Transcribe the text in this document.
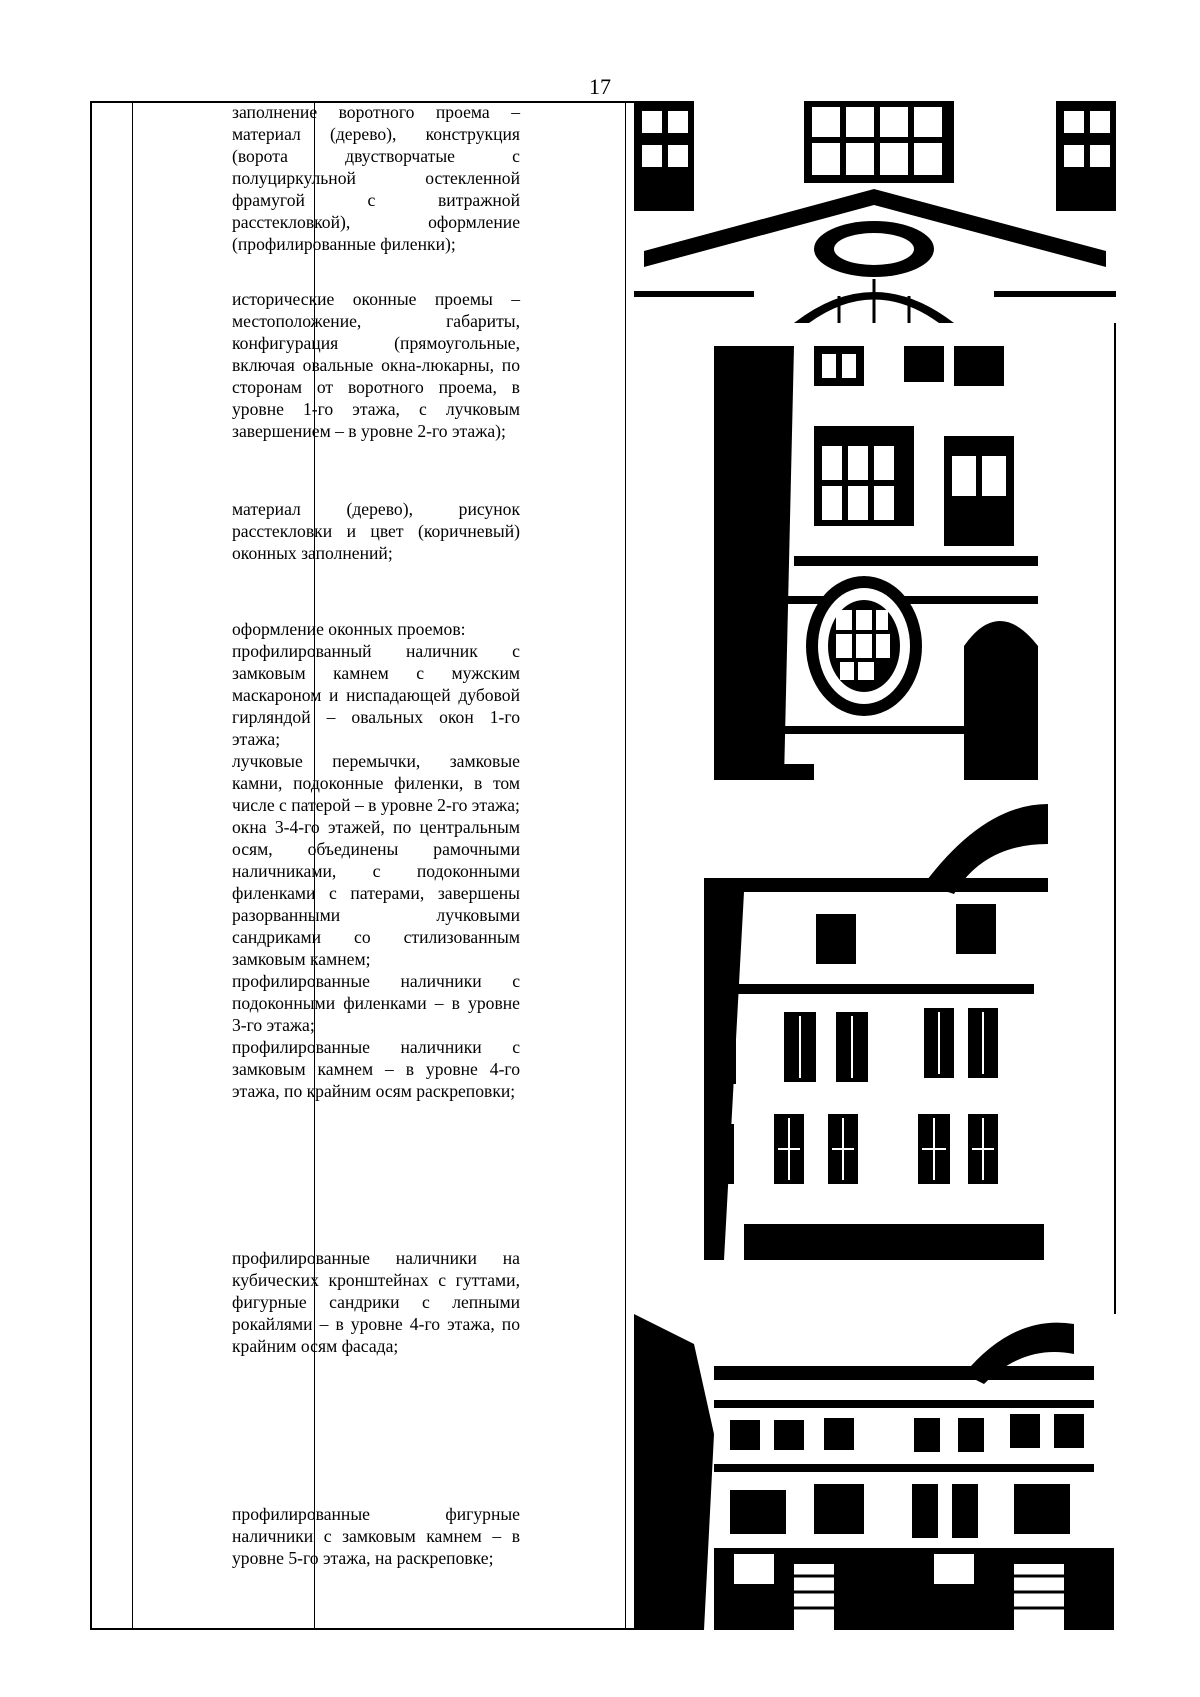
17

заполнение воротного проема – материал (дерево), конструкция (ворота двустворчатые с полуциркульной остекленной фрамугой с витражной расстекловкой), оформление (профилированные филенки);

исторические оконные проемы – местоположение, габариты, конфигурация (прямоугольные, включая овальные окна-люкарны, по сторонам от воротного проема, в уровне 1-го этажа, с лучковым завершением – в уровне 2-го этажа);

материал (дерево), рисунок расстекловки и цвет (коричневый) оконных заполнений;

оформление оконных проемов:

профилированный наличник с замковым камнем с мужским маскароном и ниспадающей дубовой гирляндой – овальных окон 1-го этажа;

лучковые перемычки, замковые камни, подоконные филенки, в том числе с патерой – в уровне 2-го этажа;

окна 3-4-го этажей, по центральным осям, объединены рамочными наличниками, с подоконными филенками с патерами, завершены разорванными лучковыми сандриками со стилизованным замковым камнем;

профилированные наличники с подоконными филенками – в уровне 3-го этажа;

профилированные наличники с замковым камнем – в уровне 4-го этажа, по крайним осям раскреповки;

профилированные наличники на кубических кронштейнах с гуттами, фигурные сандрики с лепными рокайлями – в уровне 4-го этажа, по крайним осям фасада;

профилированные фигурные наличники с замковым камнем – в уровне 5-го этажа, на раскреповке;
